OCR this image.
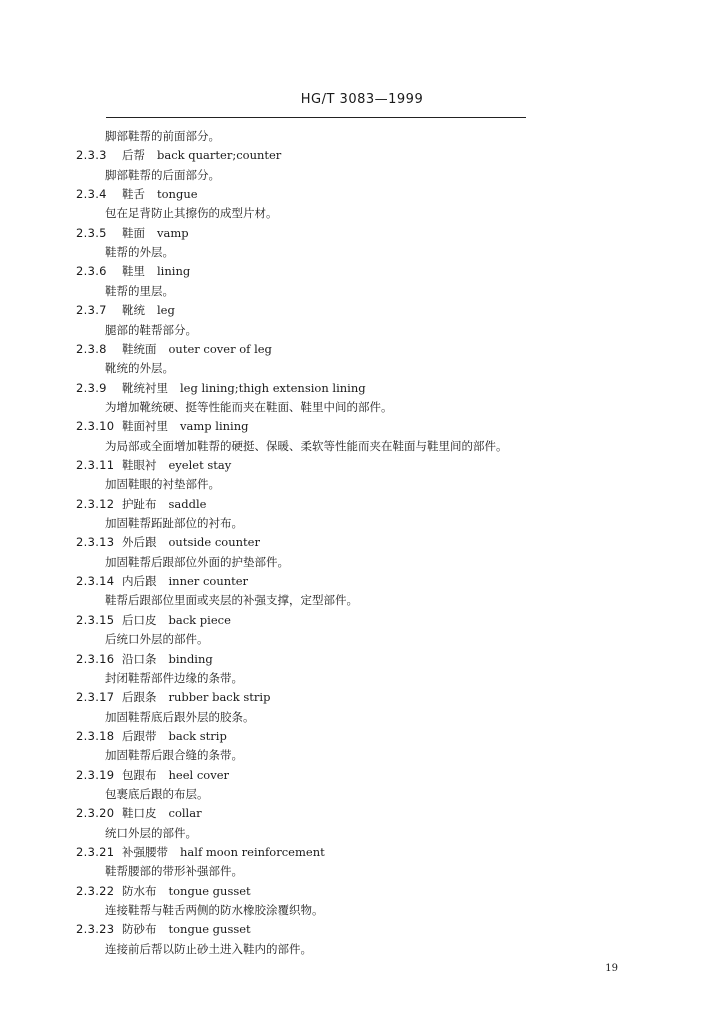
HG/T 3083—1999
脚部鞋帮的前面部分。
2.3.3 后帮 back quarter;counter
脚部鞋帮的后面部分。
2.3.4 鞋舌 tongue
包在足背防止其擦伤的成型片材。
2.3.5 鞋面 vamp
鞋帮的外层。
2.3.6 鞋里 lining
鞋帮的里层。
2.3.7 靴统 leg
腿部的鞋帮部分。
2.3.8 鞋统面 outer cover of leg
靴统的外层。
2.3.9 靴统衬里 leg lining;thigh extension lining
为增加靴统硬、挺等性能而夹在鞋面、鞋里中间的部件。
2.3.10 鞋面衬里 vamp lining
为局部或全面增加鞋帮的硬挺、保暖、柔软等性能而夹在鞋面与鞋里间的部件。
2.3.11 鞋眼衬 eyelet stay
加固鞋眼的衬垫部件。
2.3.12 护趾布 saddle
加固鞋帮跖趾部位的衬布。
2.3.13 外后跟 outside counter
加固鞋帮后跟部位外面的护垫部件。
2.3.14 内后跟 inner counter
鞋帮后跟部位里面或夹层的补强支撑，定型部件。
2.3.15 后口皮 back piece
后统口外层的部件。
2.3.16 沿口条 binding
封闭鞋帮部件边缘的条带。
2.3.17 后跟条 rubber back strip
加固鞋帮底后跟外层的胶条。
2.3.18 后跟带 back strip
加固鞋帮后跟合缝的条带。
2.3.19 包跟布 heel cover
包裹底后跟的布层。
2.3.20 鞋口皮 collar
统口外层的部件。
2.3.21 补强腰带 half moon reinforcement
鞋帮腰部的带形补强部件。
2.3.22 防水布 tongue gusset
连接鞋帮与鞋舌两侧的防水橡胶涂覆织物。
2.3.23 防砂布 tongue gusset
连接前后帮以防止砂土进入鞋内的部件。
19
